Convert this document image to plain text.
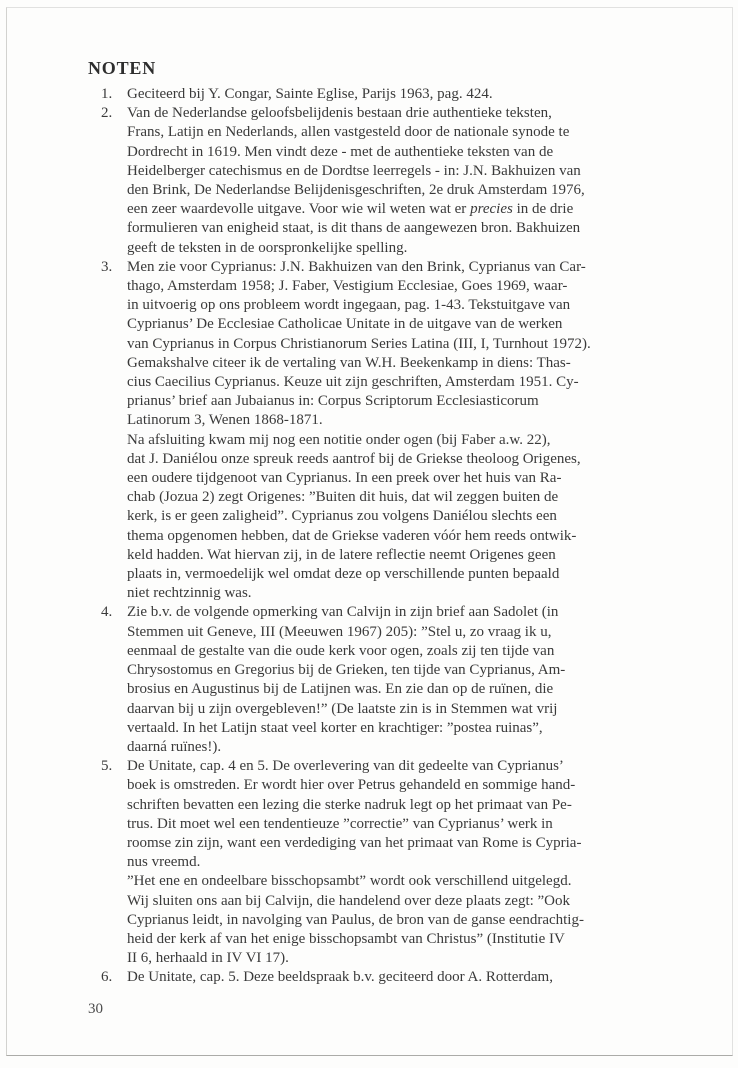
NOTEN
1. Geciteerd bij Y. Congar, Sainte Eglise, Parijs 1963, pag. 424.
2. Van de Nederlandse geloofsbelijdenis bestaan drie authentieke teksten,
Frans, Latijn en Nederlands, allen vastgesteld door de nationale synode te
Dordrecht in 1619. Men vindt deze - met de authentieke teksten van de
Heidelberger catechismus en de Dordtse leerregels - in: J.N. Bakhuizen van
den Brink, De Nederlandse Belijdenisgeschriften, 2e druk Amsterdam 1976,
een zeer waardevolle uitgave. Voor wie wil weten wat er precies in de drie
formulieren van enigheid staat, is dit thans de aangewezen bron. Bakhuizen
geeft de teksten in de oorspronkelijke spelling.
3. Men zie voor Cyprianus: J.N. Bakhuizen van den Brink, Cyprianus van Car-
thago, Amsterdam 1958; J. Faber, Vestigium Ecclesiae, Goes 1969, waar-
in uitvoerig op ons probleem wordt ingegaan, pag. 1-43. Tekstuitgave van
Cyprianus’ De Ecclesiae Catholicae Unitate in de uitgave van de werken
van Cyprianus in Corpus Christianorum Series Latina (III, I, Turnhout 1972).
Gemakshalve citeer ik de vertaling van W.H. Beekenkamp in diens: Thas-
cius Caecilius Cyprianus. Keuze uit zijn geschriften, Amsterdam 1951. Cy-
prianus’ brief aan Jubaianus in: Corpus Scriptorum Ecclesiasticorum
Latinorum 3, Wenen 1868-1871.
Na afsluiting kwam mij nog een notitie onder ogen (bij Faber a.w. 22),
dat J. Daniélou onze spreuk reeds aantrof bij de Griekse theoloog Origenes,
een oudere tijdgenoot van Cyprianus. In een preek over het huis van Ra-
chab (Jozua 2) zegt Origenes: ”Buiten dit huis, dat wil zeggen buiten de
kerk, is er geen zaligheid”. Cyprianus zou volgens Daniélou slechts een
thema opgenomen hebben, dat de Griekse vaderen vóór hem reeds ontwik-
keld hadden. Wat hiervan zij, in de latere reflectie neemt Origenes geen
plaats in, vermoedelijk wel omdat deze op verschillende punten bepaald
niet rechtzinnig was.
4. Zie b.v. de volgende opmerking van Calvijn in zijn brief aan Sadolet (in
Stemmen uit Geneve, III (Meeuwen 1967) 205): ”Stel u, zo vraag ik u,
eenmaal de gestalte van die oude kerk voor ogen, zoals zij ten tijde van
Chrysostomus en Gregorius bij de Grieken, ten tijde van Cyprianus, Am-
brosius en Augustinus bij de Latijnen was. En zie dan op de ruïnen, die
daarvan bij u zijn overgebleven!” (De laatste zin is in Stemmen wat vrij
vertaald. In het Latijn staat veel korter en krachtiger: ”postea ruinas”,
daarná ruïnes!).
5. De Unitate, cap. 4 en 5. De overlevering van dit gedeelte van Cyprianus’
boek is omstreden. Er wordt hier over Petrus gehandeld en sommige hand-
schriften bevatten een lezing die sterke nadruk legt op het primaat van Pe-
trus. Dit moet wel een tendentieuze ”correctie” van Cyprianus’ werk in
roomse zin zijn, want een verdediging van het primaat van Rome is Cypria-
nus vreemd.
”Het ene en ondeelbare bisschopsambt” wordt ook verschillend uitgelegd.
Wij sluiten ons aan bij Calvijn, die handelend over deze plaats zegt: ”Ook
Cyprianus leidt, in navolging van Paulus, de bron van de ganse eendrachtig-
heid der kerk af van het enige bisschopsambt van Christus” (Institutie IV
II 6, herhaald in IV VI 17).
6. De Unitate, cap. 5. Deze beeldspraak b.v. geciteerd door A. Rotterdam,
30
